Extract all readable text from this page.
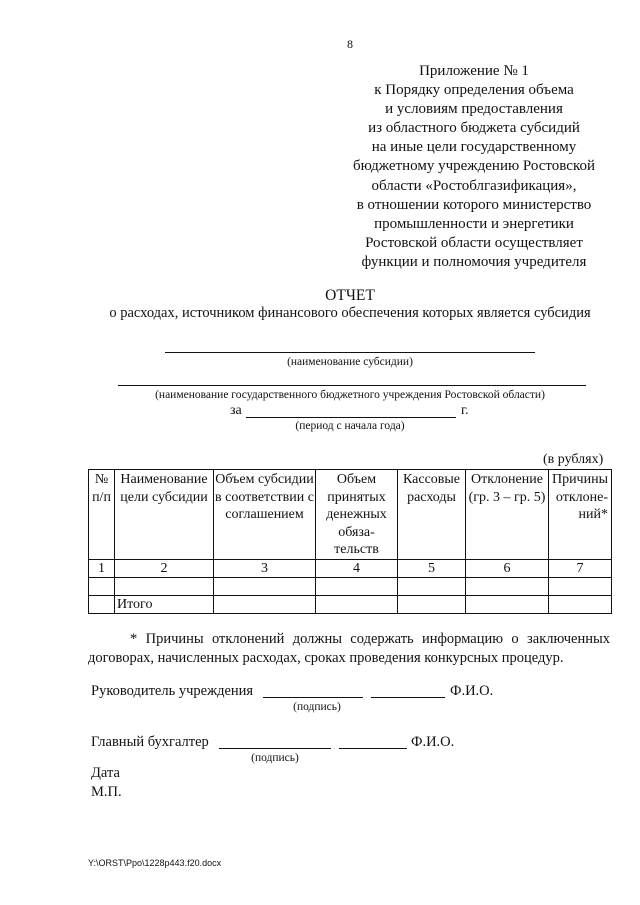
8
Приложение № 1
к Порядку определения объема
и условиям предоставления
из областного бюджета субсидий
на иные цели государственному
бюджетному учреждению Ростовской
области «Ростоблгазификация»,
в отношении которого министерство
промышленности и энергетики
Ростовской области осуществляет
функции и полномочия учредителя
ОТЧЕТ
о расходах, источником финансового обеспечения которых является субсидия
(наименование субсидии)
(наименование государственного бюджетного учреждения Ростовской области)
за	г.
(период с начала года)
(в рублях)
№ п/п	Наименование цели субсидии	Объем субсидии в соответствии с соглашением	Объем принятых денежных обяза-тельств	Кассовые расходы	Отклонение (гр. 3 – гр. 5)	Причины отклоне-ний*
1	2	3	4	5	6	7

	Итого					
* Причины отклонений должны содержать информацию о заключенных
договорах, начисленных расходах, сроках проведения конкурсных процедур.
Руководитель учреждения	Ф.И.О.
(подпись)
Главный бухгалтер	Ф.И.О.
(подпись)
Дата
М.П.
Y:\ORST\Ppo\1228p443.f20.docx
